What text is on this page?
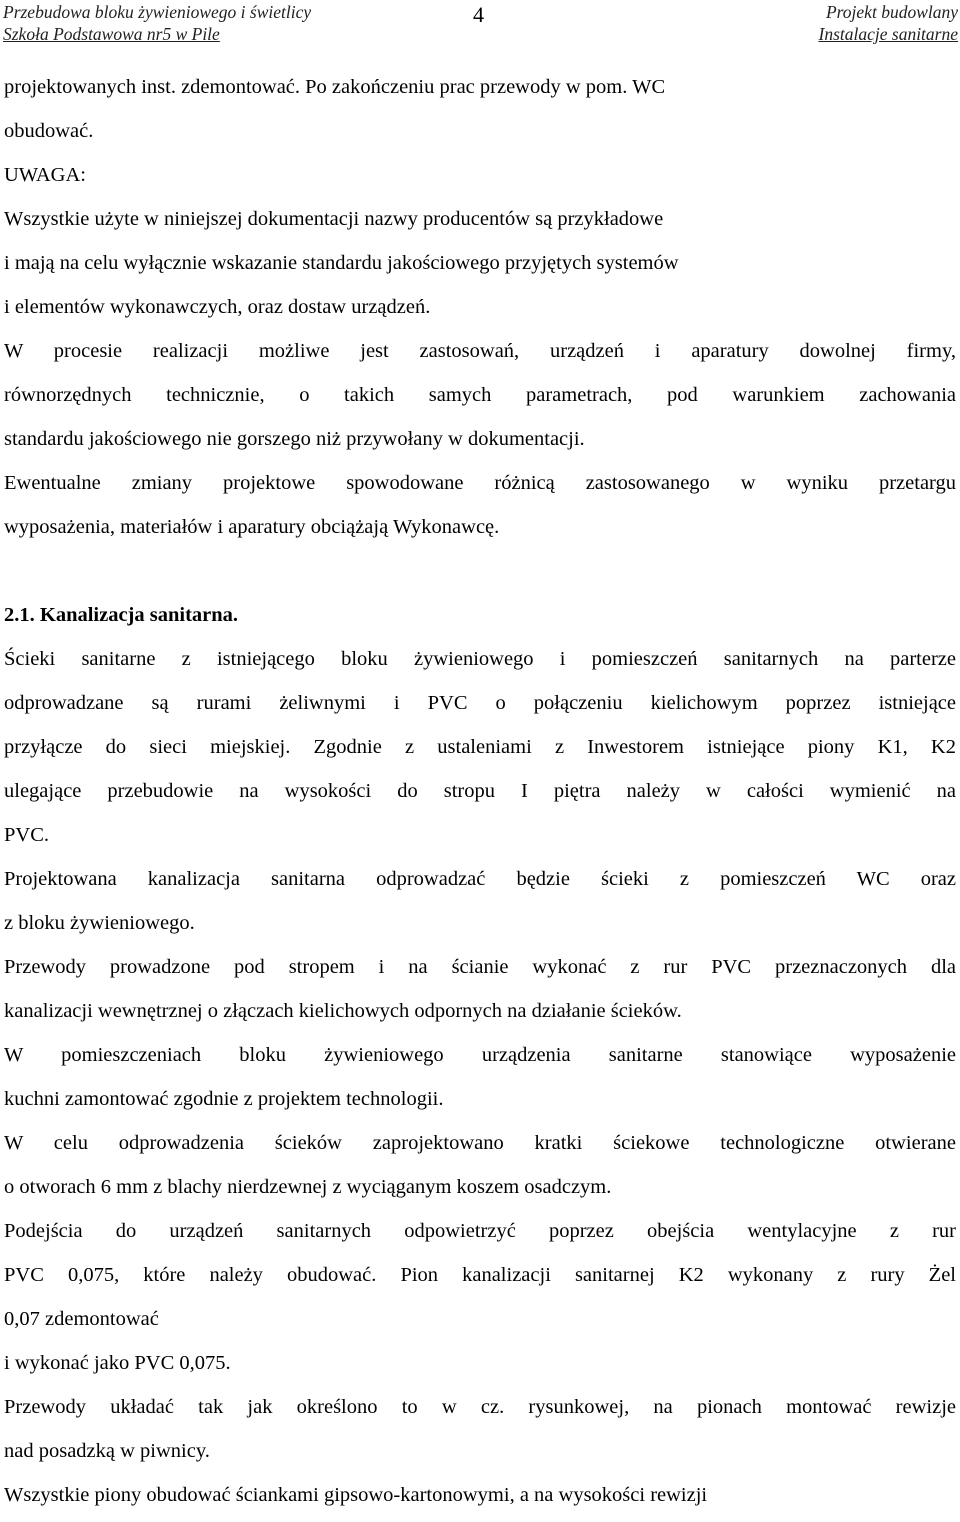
Przebudowa bloku żywieniowego i świetlicy
Szkoła Podstawowa nr5 w Pile
4	Projekt budowlany
Instalacje sanitarne
projektowanych inst. zdemontować. Po zakończeniu prac przewody w pom. WC
obudować.
UWAGA:
Wszystkie użyte w niniejszej dokumentacji nazwy producentów są przykładowe
i mają na celu wyłącznie wskazanie standardu jakościowego przyjętych systemów
i elementów wykonawczych, oraz dostaw urządzeń.
W procesie realizacji możliwe jest zastosowań, urządzeń i aparatury dowolnej firmy,
równorzędnych technicznie, o takich samych parametrach, pod warunkiem zachowania
standardu jakościowego nie gorszego niż przywołany w dokumentacji.
Ewentualne zmiany projektowe spowodowane różnicą zastosowanego w wyniku przetargu
wyposażenia, materiałów i aparatury obciążają Wykonawcę.
2.1. Kanalizacja sanitarna.
Ścieki sanitarne z istniejącego bloku żywieniowego i pomieszczeń sanitarnych na parterze
odprowadzane są rurami żeliwnymi i PVC o połączeniu kielichowym poprzez istniejące
przyłącze do sieci miejskiej. Zgodnie z ustaleniami z Inwestorem istniejące piony K1, K2
ulegające przebudowie na wysokości do stropu I piętra należy w całości wymienić na
PVC.
Projektowana kanalizacja sanitarna odprowadzać będzie ścieki z pomieszczeń WC oraz
z bloku żywieniowego.
Przewody prowadzone pod stropem i na ścianie wykonać z rur PVC przeznaczonych dla
kanalizacji wewnętrznej o złączach kielichowych odpornych na działanie ścieków.
W pomieszczeniach bloku żywieniowego urządzenia sanitarne stanowiące wyposażenie
kuchni zamontować zgodnie z projektem technologii.
W celu odprowadzenia ścieków zaprojektowano kratki ściekowe technologiczne otwierane
o otworach 6 mm z blachy nierdzewnej z wyciąganym koszem osadczym.
Podejścia do urządzeń sanitarnych odpowietrzyć poprzez obejścia wentylacyjne z rur
PVC 0,075, które należy obudować. Pion kanalizacji sanitarnej K2 wykonany z rury Żel
0,07 zdemontować
i wykonać jako PVC 0,075.
Przewody układać tak jak określono to w cz. rysunkowej, na pionach montować rewizje
nad posadzką w piwnicy.
Wszystkie piony obudować ściankami gipsowo-kartonowymi, a na wysokości rewizji
